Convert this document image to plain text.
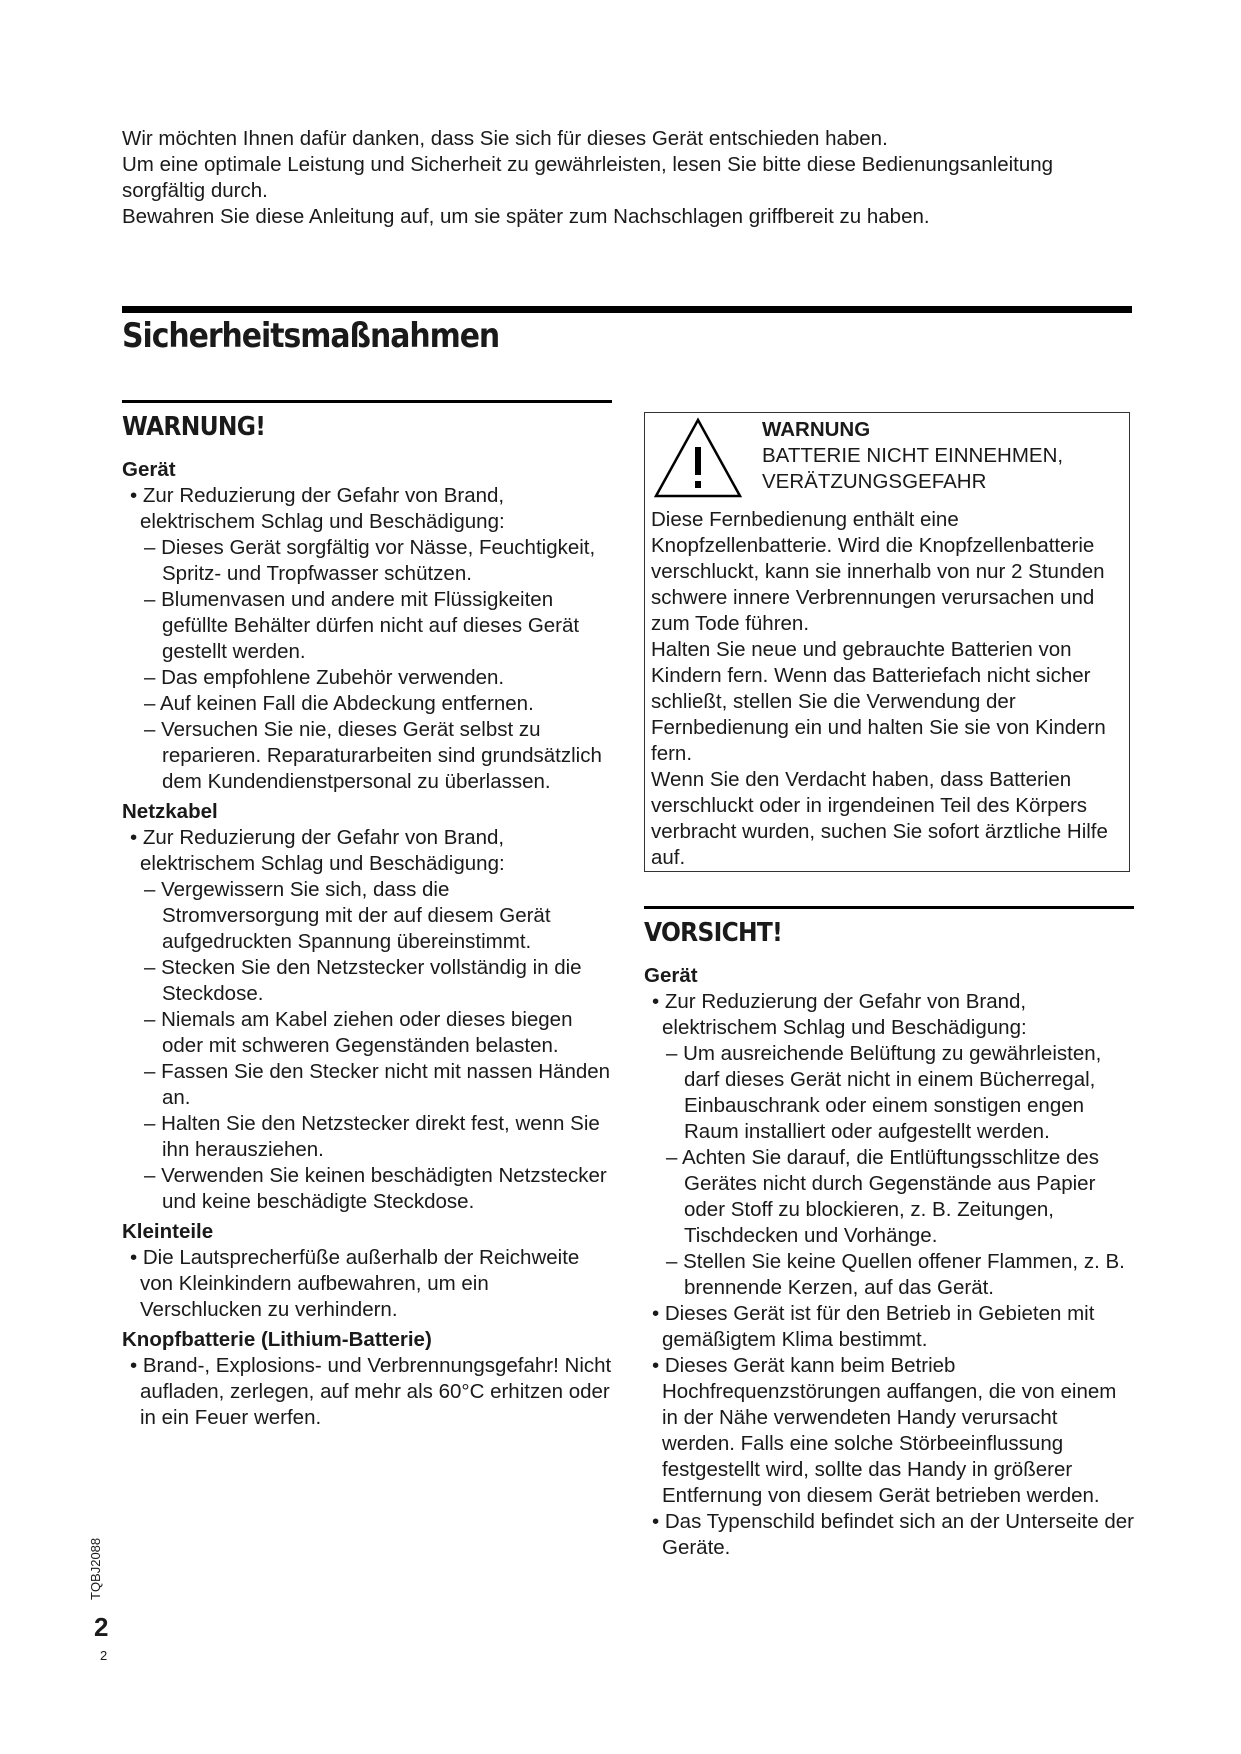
Wir möchten Ihnen dafür danken, dass Sie sich für dieses Gerät entschieden haben.

Um eine optimale Leistung und Sicherheit zu gewährleisten, lesen Sie bitte diese Bedienungsanleitung sorgfältig durch.

Bewahren Sie diese Anleitung auf, um sie später zum Nachschlagen griffbereit zu haben.

Sicherheitsmaßnahmen
WARNUNG!

Gerät

• Zur Reduzierung der Gefahr von Brand, elektrischem Schlag und Beschädigung:

– Dieses Gerät sorgfältig vor Nässe, Feuchtigkeit, Spritz- und Tropfwasser schützen.

– Blumenvasen und andere mit Flüssigkeiten gefüllte Behälter dürfen nicht auf dieses Gerät gestellt werden.

– Das empfohlene Zubehör verwenden.

– Auf keinen Fall die Abdeckung entfernen.

– Versuchen Sie nie, dieses Gerät selbst zu reparieren. Reparaturarbeiten sind grundsätzlich dem Kundendienstpersonal zu überlassen.

Netzkabel

• Zur Reduzierung der Gefahr von Brand, elektrischem Schlag und Beschädigung:

– Vergewissern Sie sich, dass die Stromversorgung mit der auf diesem Gerät aufgedruckten Spannung übereinstimmt.

– Stecken Sie den Netzstecker vollständig in die Steckdose.

– Niemals am Kabel ziehen oder dieses biegen oder mit schweren Gegenständen belasten.

– Fassen Sie den Stecker nicht mit nassen Händen an.

– Halten Sie den Netzstecker direkt fest, wenn Sie ihn herausziehen.

– Verwenden Sie keinen beschädigten Netzstecker und keine beschädigte Steckdose.

Kleinteile

• Die Lautsprecherfüße außerhalb der Reichweite von Kleinkindern aufbewahren, um ein Verschlucken zu verhindern.

Knopfbatterie (Lithium-Batterie)

• Brand-, Explosions- und Verbrennungsgefahr! Nicht aufladen, zerlegen, auf mehr als 60°C erhitzen oder in ein Feuer werfen.

WARNUNG

BATTERIE NICHT EINNEHMEN,

VERÄTZUNGSGEFAHR

Diese Fernbedienung enthält eine Knopfzellenbatterie. Wird die Knopfzellenbatterie verschluckt, kann sie innerhalb von nur 2 Stunden schwere innere Verbrennungen verursachen und zum Tode führen.

Halten Sie neue und gebrauchte Batterien von Kindern fern. Wenn das Batteriefach nicht sicher schließt, stellen Sie die Verwendung der Fernbedienung ein und halten Sie sie von Kindern fern.

Wenn Sie den Verdacht haben, dass Batterien verschluckt oder in irgendeinen Teil des Körpers verbracht wurden, suchen Sie sofort ärztliche Hilfe auf.

VORSICHT!

Gerät

• Zur Reduzierung der Gefahr von Brand, elektrischem Schlag und Beschädigung:

– Um ausreichende Belüftung zu gewährleisten, darf dieses Gerät nicht in einem Bücherregal, Einbauschrank oder einem sonstigen engen Raum installiert oder aufgestellt werden.

– Achten Sie darauf, die Entlüftungsschlitze des Gerätes nicht durch Gegenstände aus Papier oder Stoff zu blockieren, z. B. Zeitungen, Tischdecken und Vorhänge.

– Stellen Sie keine Quellen offener Flammen, z. B. brennende Kerzen, auf das Gerät.

• Dieses Gerät ist für den Betrieb in Gebieten mit gemäßigtem Klima bestimmt.

• Dieses Gerät kann beim Betrieb Hochfrequenzstörungen auffangen, die von einem in der Nähe verwendeten Handy verursacht werden. Falls eine solche Störbeeinflussung festgestellt wird, sollte das Handy in größerer Entfernung von diesem Gerät betrieben werden.

• Das Typenschild befindet sich an der Unterseite der Geräte.

TQBJ2088
2
2
